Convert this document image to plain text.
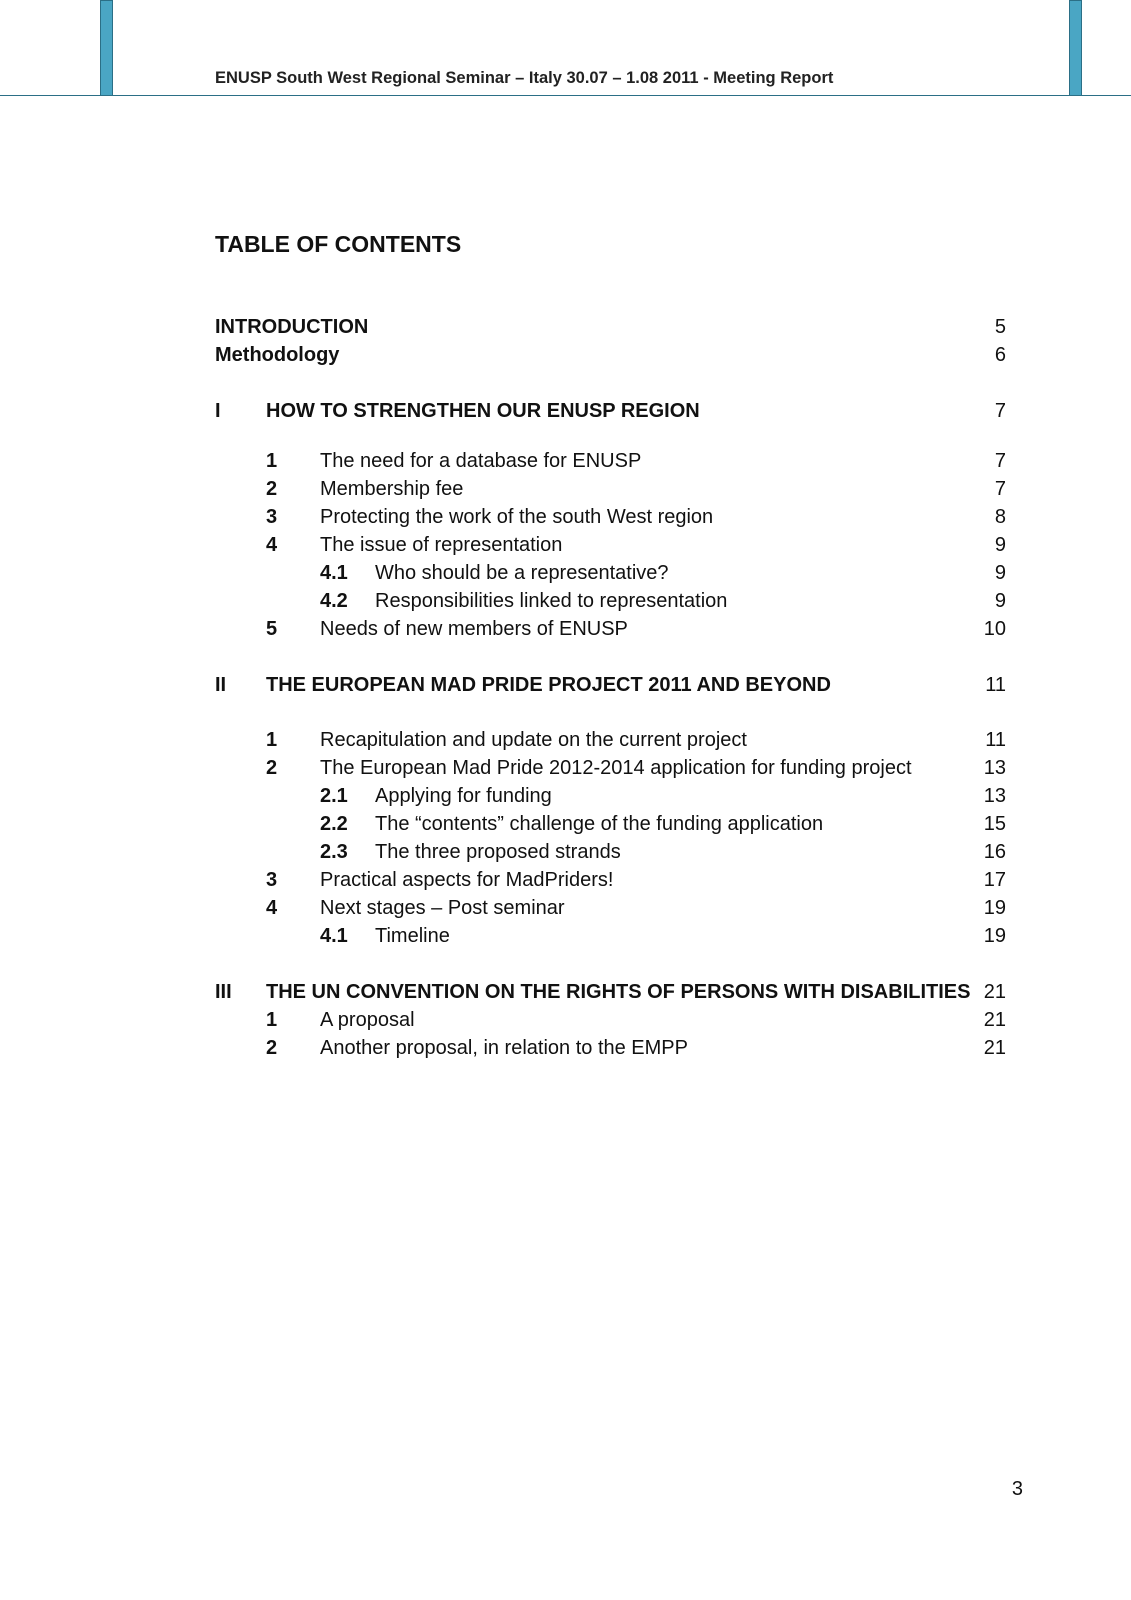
ENUSP South West Regional Seminar – Italy 30.07 – 1.08 2011 - Meeting Report
TABLE OF CONTENTS
INTRODUCTION	5
Methodology	6
I HOW TO STRENGTHEN OUR ENUSP REGION	7
1 The need for a database for ENUSP	7
2 Membership fee	7
3 Protecting the work of the south West region	8
4 The issue of representation	9
4.1 Who should be a representative?	9
4.2 Responsibilities linked to representation	9
5 Needs of new members of ENUSP	10
II THE EUROPEAN MAD PRIDE PROJECT 2011 AND BEYOND	11
1 Recapitulation and update on the current project	11
2 The European Mad Pride 2012-2014 application for funding project	13
2.1 Applying for funding	13
2.2 The “contents” challenge of the funding application	15
2.3 The three proposed strands	16
3 Practical aspects for MadPriders!	17
4 Next stages – Post seminar	19
4.1 Timeline	19
III THE UN CONVENTION ON THE RIGHTS OF PERSONS WITH DISABILITIES 21
1 A proposal	21
2 Another proposal, in relation to the EMPP	21
3
